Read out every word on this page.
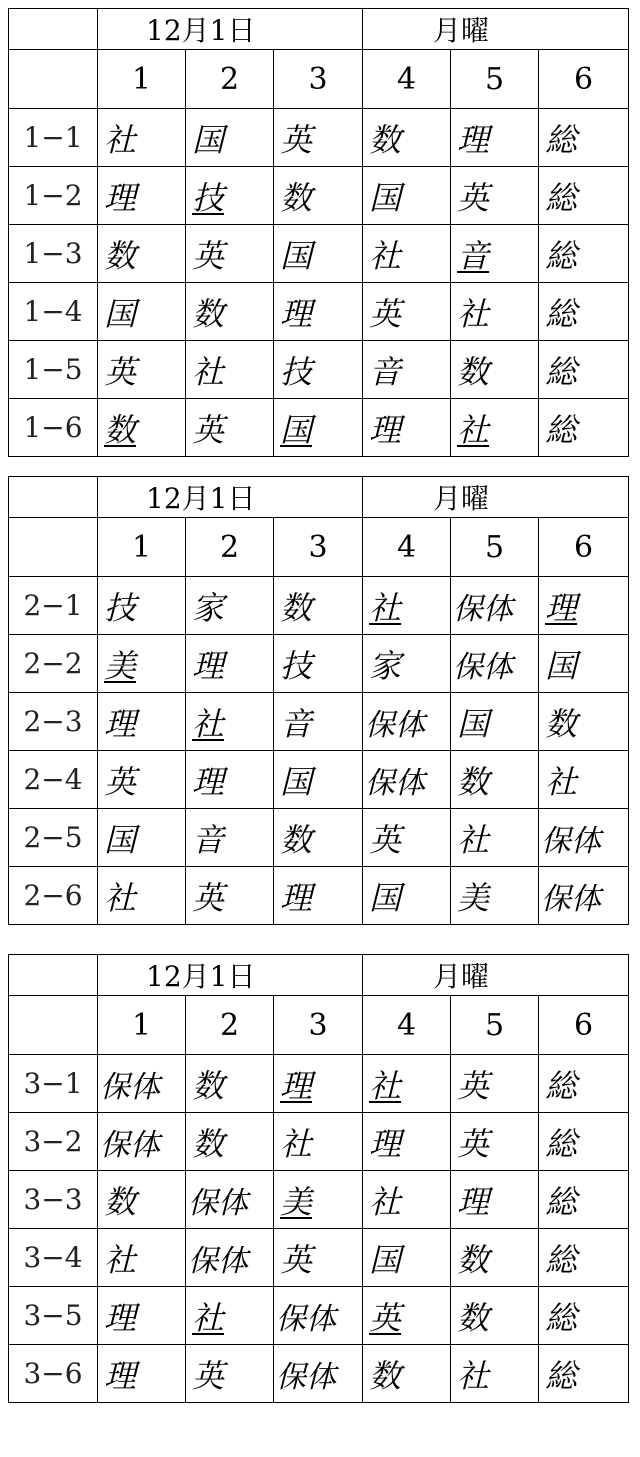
	12月1日			月曜		
	1	2	3	4	5	6
1−1	社	国	英	数	理	総
1−2	理	技	数	国	英	総
1−3	数	英	国	社	音	総
1−4	国	数	理	英	社	総
1−5	英	社	技	音	数	総
1−6	数	英	国	理	社	総
	12月1日			月曜		
	1	2	3	4	5	6
2−1	技	家	数	社	保体	理
2−2	美	理	技	家	保体	国
2−3	理	社	音	保体	国	数
2−4	英	理	国	保体	数	社
2−5	国	音	数	英	社	保体
2−6	社	英	理	国	美	保体
	12月1日			月曜		
	1	2	3	4	5	6
3−1	保体	数	理	社	英	総
3−2	保体	数	社	理	英	総
3−3	数	保体	美	社	理	総
3−4	社	保体	英	国	数	総
3−5	理	社	保体	英	数	総
3−6	理	英	保体	数	社	総
